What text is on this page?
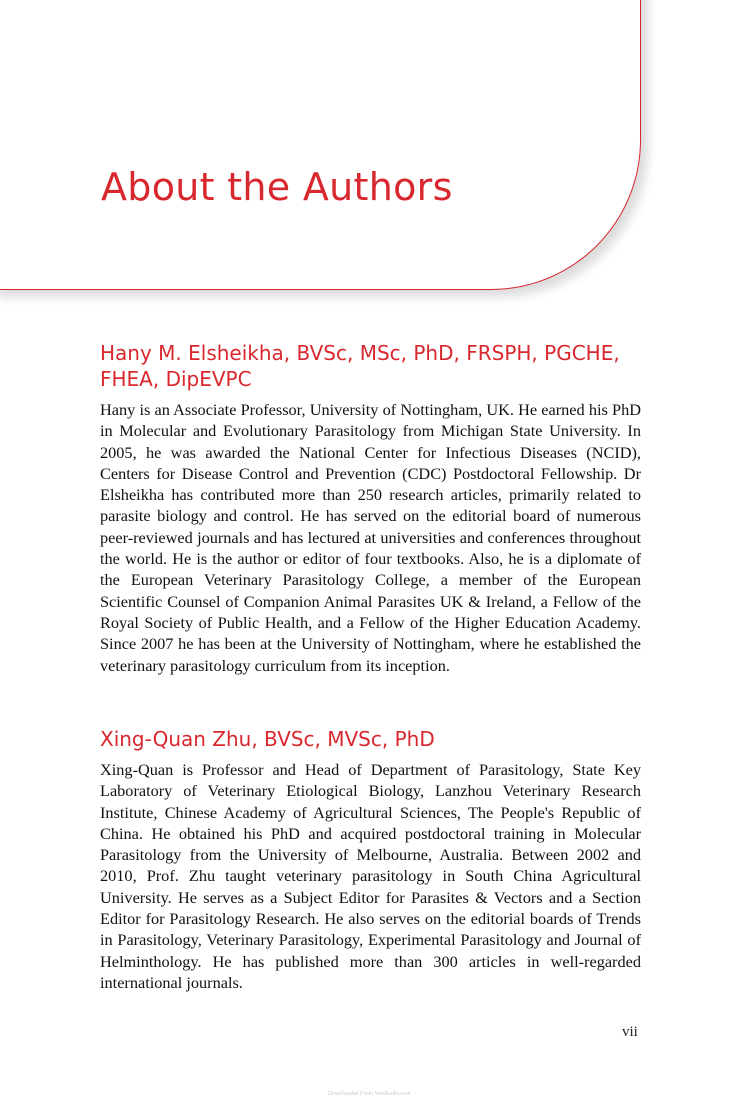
About the Authors
Hany M. Elsheikha, BVSc, MSc, PhD, FRSPH, PGCHE, FHEA, DipEVPC

Hany is an Associate Professor, University of Nottingham, UK. He earned his PhD in Molecular and Evolutionary Parasitology from Michigan State University. In 2005, he was awarded the National Center for Infectious Diseases (NCID), Centers for Disease Control and Prevention (CDC) Postdoctoral Fellowship. Dr Elsheikha has contributed more than 250 research articles, primarily related to parasite biology and control. He has served on the editorial board of numerous peer-reviewed journals and has lectured at universities and conferences throughout the world. He is the author or editor of four textbooks. Also, he is a diplomate of the European Veterinary Parasitology College, a member of the European Scientific Counsel of Companion Animal Parasites UK & Ireland, a Fellow of the Royal Society of Public Health, and a Fellow of the Higher Education Academy. Since 2007 he has been at the University of Nottingham, where he established the veterinary parasitology curriculum from its inception.

Xing-Quan Zhu, BVSc, MVSc, PhD

Xing-Quan is Professor and Head of Department of Parasitology, State Key Laboratory of Veterinary Etiological Biology, Lanzhou Veterinary Research Institute, Chinese Academy of Agricultural Sciences, The People's Republic of China. He obtained his PhD and acquired postdoctoral training in Molecular Parasitology from the University of Melbourne, Australia. Between 2002 and 2010, Prof. Zhu taught veterinary parasitology in South China Agricultural University. He serves as a Subject Editor for Parasites & Vectors and a Section Editor for Parasitology Research. He also serves on the editorial boards of Trends in Parasitology, Veterinary Parasitology, Experimental Parasitology and Journal of Helminthology. He has published more than 300 articles in well-regarded international journals.

vii
Downloaded From VetsBooks.com
